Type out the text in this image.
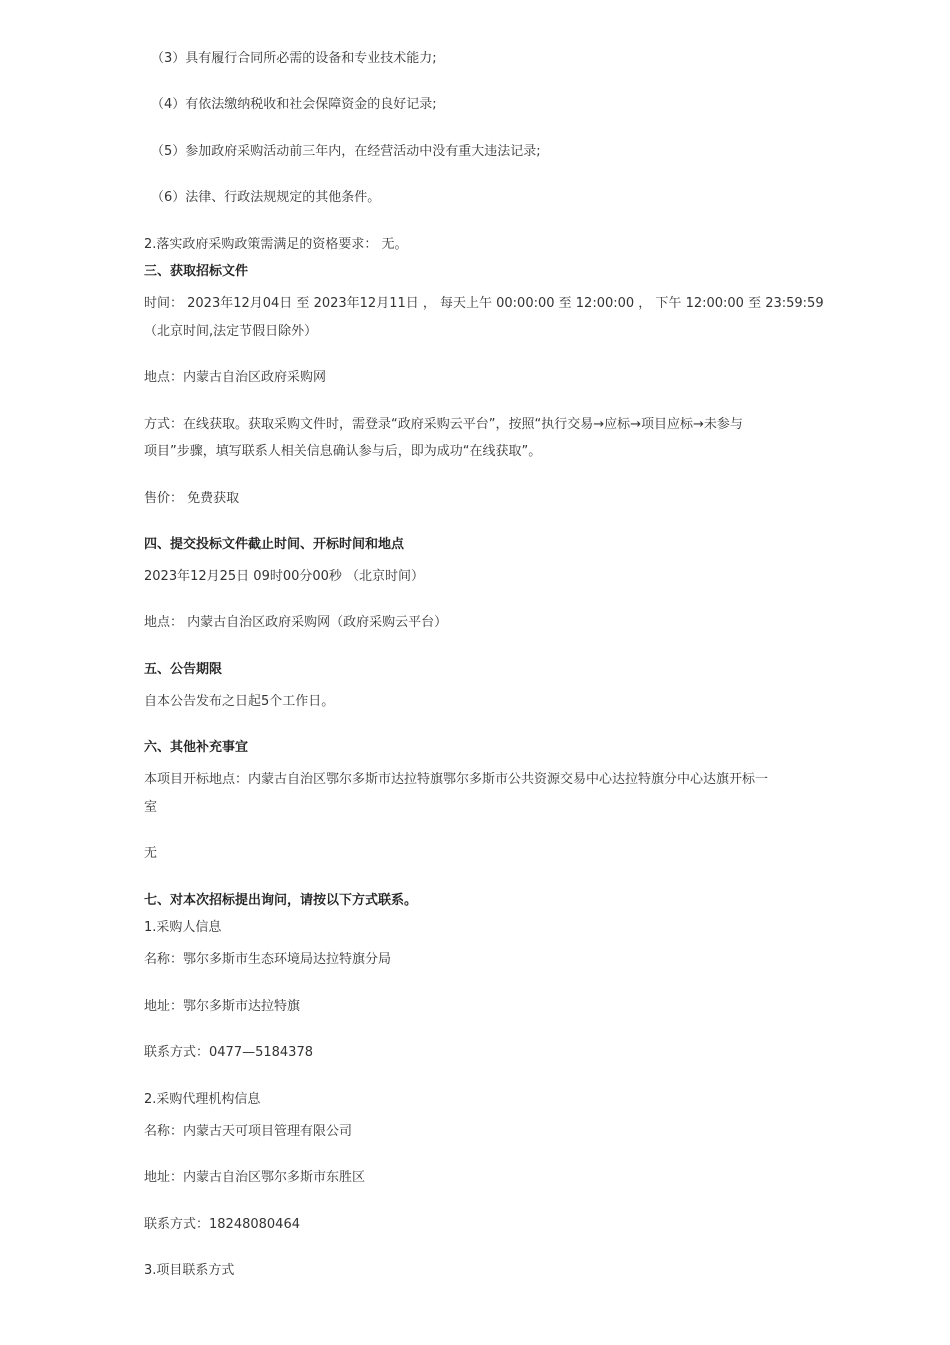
（3）具有履行合同所必需的设备和专业技术能力;
（4）有依法缴纳税收和社会保障资金的良好记录;
（5）参加政府采购活动前三年内，在经营活动中没有重大违法记录;
（6）法律、行政法规规定的其他条件。
2.落实政府采购政策需满足的资格要求： 无。
三、获取招标文件
时间： 2023年12月04日 至 2023年12月11日 ， 每天上午 00:00:00 至 12:00:00 ， 下午 12:00:00 至 23:59:59
（北京时间,法定节假日除外）
地点：内蒙古自治区政府采购网
方式：在线获取。获取采购文件时，需登录“政府采购云平台”，按照“执行交易→应标→项目应标→未参与
项目”步骤，填写联系人相关信息确认参与后，即为成功“在线获取”。
售价： 免费获取
四、提交投标文件截止时间、开标时间和地点
2023年12月25日 09时00分00秒 （北京时间）
地点： 内蒙古自治区政府采购网（政府采购云平台）
五、公告期限
自本公告发布之日起5个工作日。
六、其他补充事宜
本项目开标地点：内蒙古自治区鄂尔多斯市达拉特旗鄂尔多斯市公共资源交易中心达拉特旗分中心达旗开标一
室
无
七、对本次招标提出询问，请按以下方式联系。
1.采购人信息
名称：鄂尔多斯市生态环境局达拉特旗分局
地址：鄂尔多斯市达拉特旗
联系方式：0477—5184378
2.采购代理机构信息
名称：内蒙古天可项目管理有限公司
地址：内蒙古自治区鄂尔多斯市东胜区
联系方式：18248080464
3.项目联系方式
